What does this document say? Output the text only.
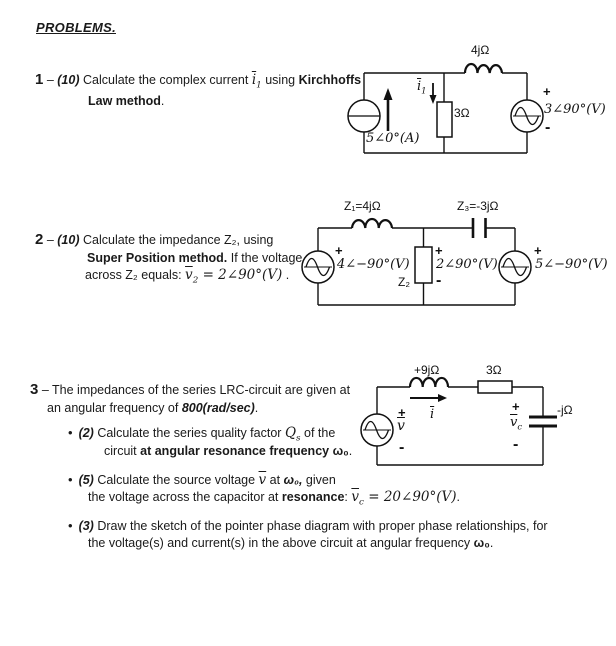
PROBLEMS.
1 – (10) Calculate the complex current $\overline{i}_1$ using Kirchhoffs
Law method.
4jΩ
$\overline{i}_1$
3Ω
5∠0°(A)
+
3∠90°(V)
-
2 – (10) Calculate the impedance Z₂, using
Super Position method. If the voltage
across Z₂ equals: $\overline{v}_2$ = 2∠90°(V) .
Z₁=4jΩ	Z₃=-3jΩ
+
4∠−90°(V)
Z₂
+
2∠90°(V)
-
+
5∠−90°(V)
3 – The impedances of the series LRC-circuit are given at
an angular frequency of 800(rad/sec).
• (2) Calculate the series quality factor $Q_s$ of the
circuit at angular resonance frequency ω₀.
• (5) Calculate the source voltage $\overline{v}$ at ω₀, given
the voltage across the capacitor at resonance: $\overline{v}_c$ = 20∠90°(V).
• (3) Draw the sketch of the pointer phase diagram with proper phase relationships, for
the voltage(s) and current(s) in the above circuit at angular frequency ω₀.
+9jΩ	3Ω
$\overline{i}$
+
$\overline{v}$
-
+
$\overline{v}_c$
-
-jΩ
